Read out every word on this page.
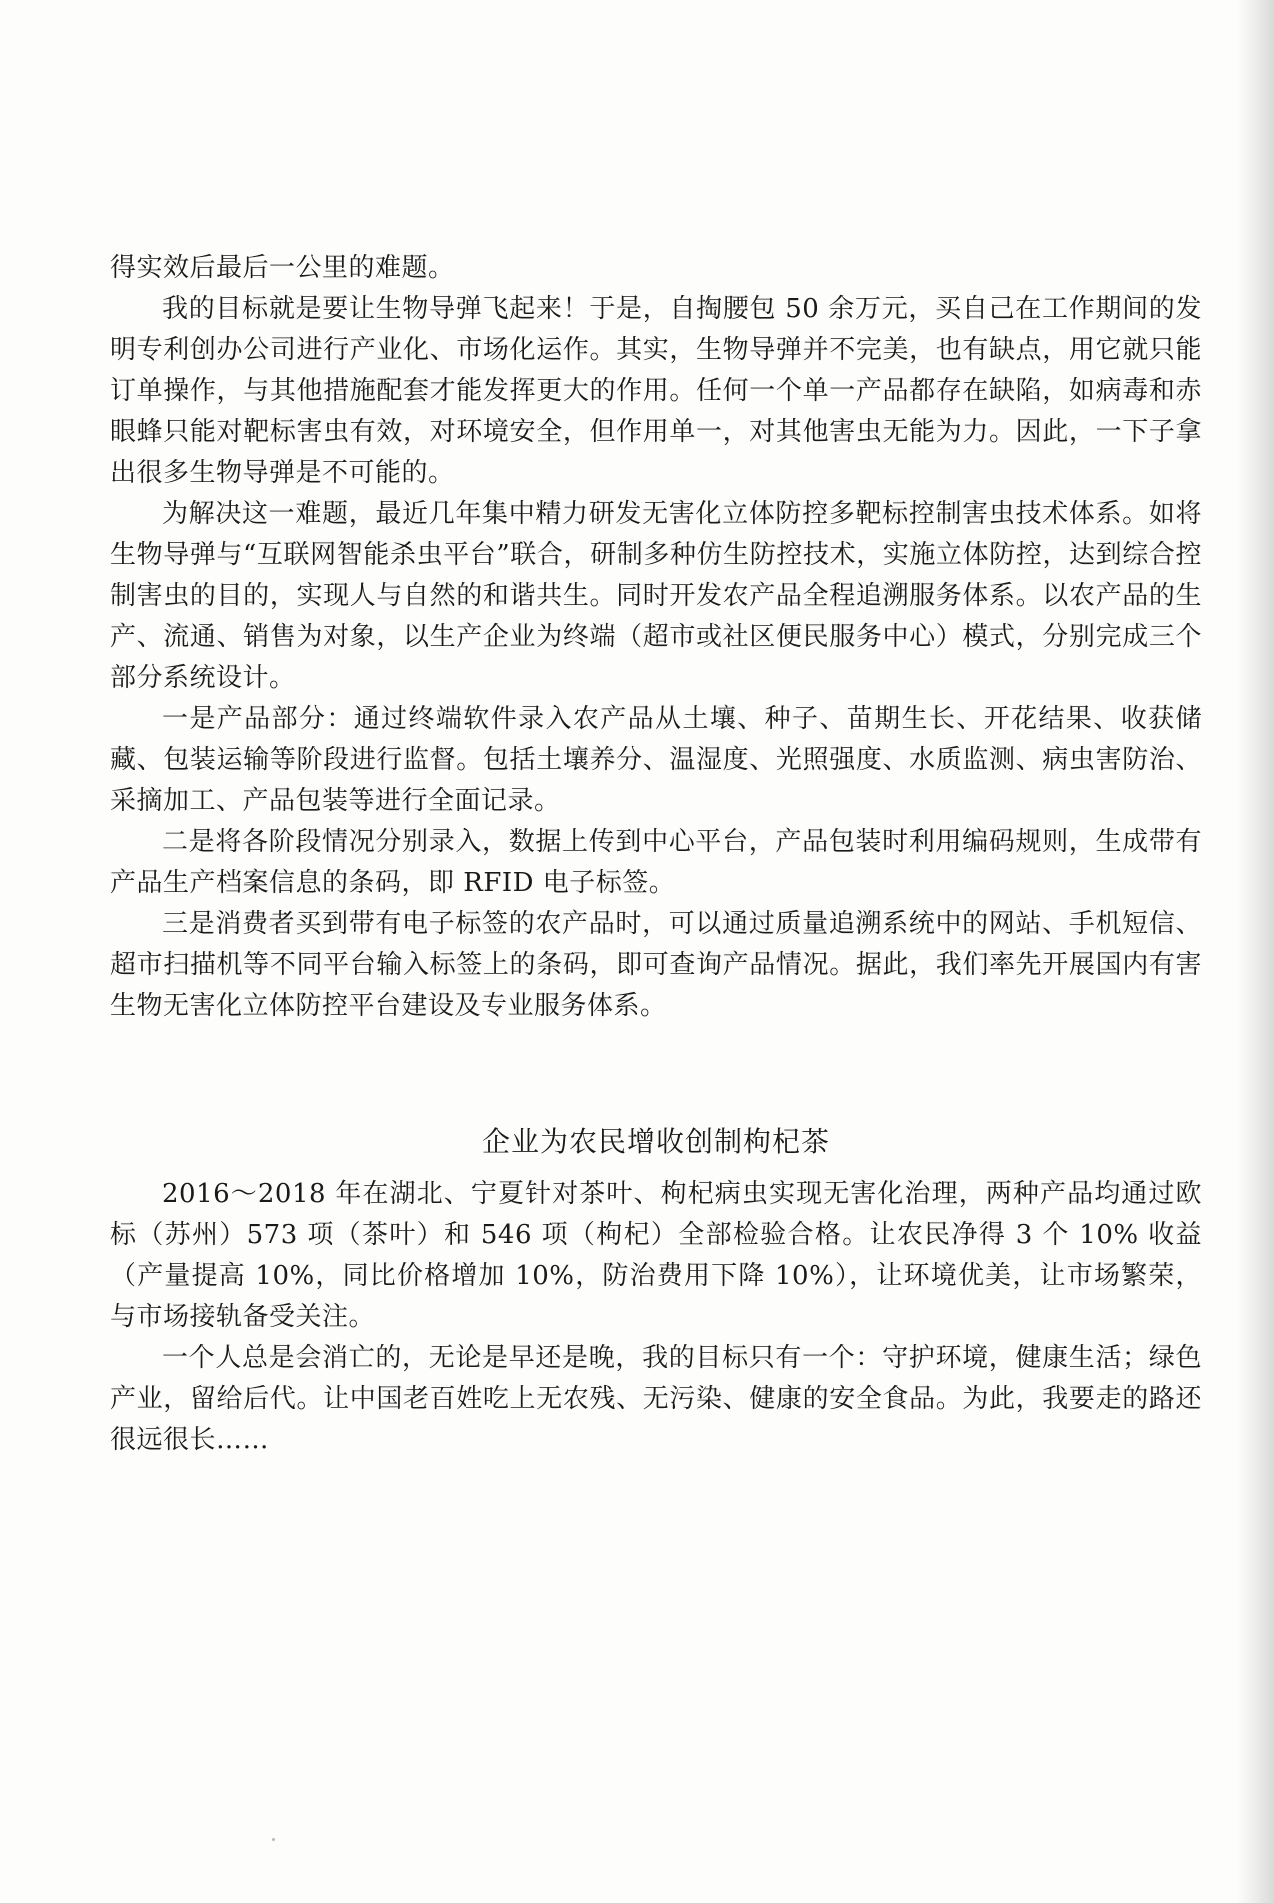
得实效后最后一公里的难题。

我的目标就是要让生物导弹飞起来！于是，自掏腰包 50 余万元，买自己在工作期间的发明专利创办公司进行产业化、市场化运作。其实，生物导弹并不完美，也有缺点，用它就只能订单操作，与其他措施配套才能发挥更大的作用。任何一个单一产品都存在缺陷，如病毒和赤眼蜂只能对靶标害虫有效，对环境安全，但作用单一，对其他害虫无能为力。因此，一下子拿出很多生物导弹是不可能的。

为解决这一难题，最近几年集中精力研发无害化立体防控多靶标控制害虫技术体系。如将生物导弹与“互联网智能杀虫平台”联合，研制多种仿生防控技术，实施立体防控，达到综合控制害虫的目的，实现人与自然的和谐共生。同时开发农产品全程追溯服务体系。以农产品的生产、流通、销售为对象，以生产企业为终端（超市或社区便民服务中心）模式，分别完成三个部分系统设计。

一是产品部分：通过终端软件录入农产品从土壤、种子、苗期生长、开花结果、收获储藏、包装运输等阶段进行监督。包括土壤养分、温湿度、光照强度、水质监测、病虫害防治、采摘加工、产品包装等进行全面记录。

二是将各阶段情况分别录入，数据上传到中心平台，产品包装时利用编码规则，生成带有产品生产档案信息的条码，即 RFID 电子标签。

三是消费者买到带有电子标签的农产品时，可以通过质量追溯系统中的网站、手机短信、超市扫描机等不同平台输入标签上的条码，即可查询产品情况。据此，我们率先开展国内有害生物无害化立体防控平台建设及专业服务体系。

企业为农民增收创制枸杞茶

2016～2018 年在湖北、宁夏针对茶叶、枸杞病虫实现无害化治理，两种产品均通过欧标（苏州）573 项（茶叶）和 546 项（枸杞）全部检验合格。让农民净得 3 个 10% 收益（产量提高 10%，同比价格增加 10%，防治费用下降 10%），让环境优美，让市场繁荣，与市场接轨备受关注。

一个人总是会消亡的，无论是早还是晚，我的目标只有一个：守护环境，健康生活；绿色产业，留给后代。让中国老百姓吃上无农残、无污染、健康的安全食品。为此，我要走的路还很远很长……
